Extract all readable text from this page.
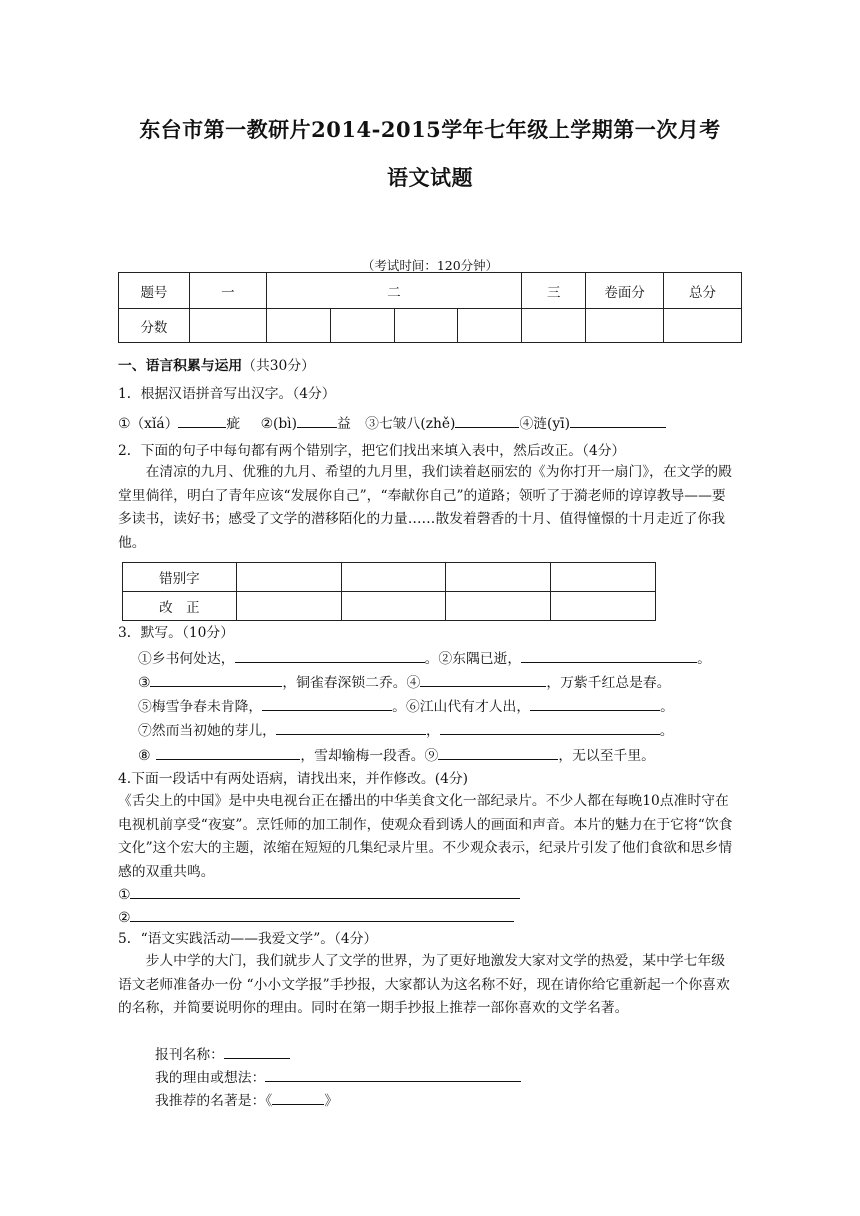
东台市第一教研片2014-2015学年七年级上学期第一次月考
语文试题
（考试时间：120分钟）
题号	一	二				三	卷面分	总分
分数								
一、语言积累与运用（共30分）
1．根据汉语拼音写出汉字。（4分）
①（xǐá）	疵 ②(bì)	益 ③七皱八(zhě)	④涟(yī)
2．下面的句子中每句都有两个错别字，把它们找出来填入表中，然后改正。（4分）
在清凉的九月、优雅的九月、希望的九月里，我们读着赵丽宏的《为你打开一扇门》，在文学的殿堂里倘徉，明白了青年应该“发展你自己”，“奉献你自己”的道路；领听了于漪老师的谆谆教导——要多读书，读好书；感受了文学的潜移陌化的力量……散发着磬香的十月、值得憧憬的十月走近了你我他。
错别字				
改　正				
3．默写。（10分）
①乡书何处达，	。②东隅已逝，	。
③	，铜雀春深锁二乔。④	，万紫千红总是春。
⑤梅雪争春未肯降，	。⑥江山代有才人出，	。
⑦然而当初她的芽儿，	，	。
⑧	，雪却输梅一段香。⑨	，无以至千里。
4.下面一段话中有两处语病，请找出来，并作修改。(4分)
《舌尖上的中国》是中央电视台正在播出的中华美食文化一部纪录片。不少人都在每晚10点准时守在电视机前享受“夜宴”。烹饪师的加工制作，使观众看到诱人的画面和声音。本片的魅力在于它将“饮食文化”这个宏大的主题，浓缩在短短的几集纪录片里。不少观众表示，纪录片引发了他们食欲和思乡情感的双重共鸣。
①
②
5．“语文实践活动——我爱文学”。（4分）
步人中学的大门，我们就步人了文学的世界，为了更好地激发大家对文学的热爱，某中学七年级语文老师准备办一份 “小小文学报”手抄报，大家都认为这名称不好，现在请你给它重新起一个你喜欢的名称，并简要说明你的理由。同时在第一期手抄报上推荐一部你喜欢的文学名著。
报刊名称：
我的理由或想法：
我推荐的名著是：《	》
